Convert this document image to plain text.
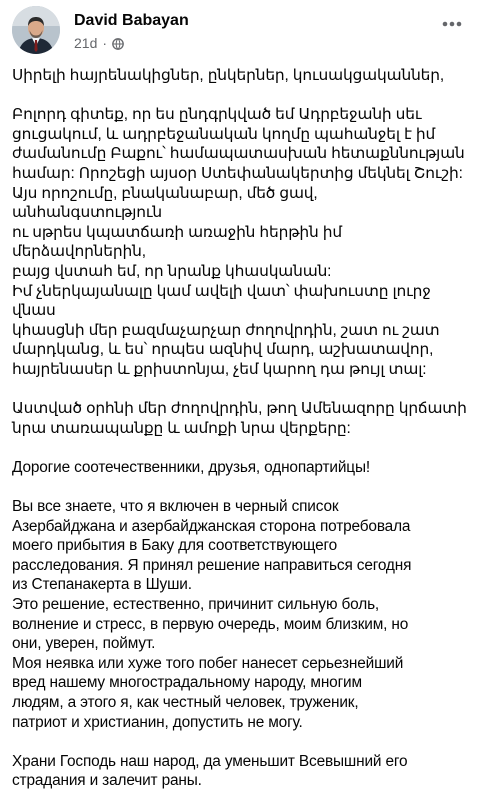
David Babayan
21d ·

Սիրելի հայրենակիցներ, ընկերներ, կուսակցականներ,

Բոլորդ գիտեք, որ ես ընդգրկված եմ Ադրբեջանի սեւ
ցուցակում, և ադրբեջանական կողմը պահանջել է իմ
ժամանումը Բաքու՝ համապատասխան հետաքննության
համար: Որոշեցի այսօր Ստեփանակերտից մեկնել Շուշի:
Այս որոշումը, բնականաբար, մեծ ցավ, անհանգստություն
ու սթրես կպատճառի առաջին հերթին իմ մերձավորներին,
բայց վստահ եմ, որ նրանք կհասկանան:
Իմ չներկայանալը կամ ավելի վատ՝ փախուստը լուրջ վնաս
կհասցնի մեր բազմաչարչար ժողովրդին, շատ ու շատ
մարդկանց, և ես՝ որպես ազնիվ մարդ, աշխատավոր,
հայրենասեր և քրիստոնյա, չեմ կարող դա թույլ տալ:

Աստված օրհնի մեր ժողովրդին, թող Ամենազորը կրճատի
նրա տառապանքը և ամոքի նրա վերքերը:

Дорогие соотечественники, друзья, однопартийцы!

Вы все знаете, что я включен в черный список
Азербайджана и азербайджанская сторона потребовала
моего прибытия в Баку для соответствующего
расследования. Я принял решение направиться сегодня
из Степанакерта в Шуши.
Это решение, естественно, причинит сильную боль,
волнение и стресс, в первую очередь, моим близким, но
они, уверен, поймут.
Моя неявка или хуже того побег нанесет серьезнейший
вред нашему многострадальному народу, многим
людям, а этого я, как честный человек, труженик,
патриот и христианин, допустить не могу.

Храни Господь наш народ, да уменьшит Всевышний его
страдания и залечит раны.
